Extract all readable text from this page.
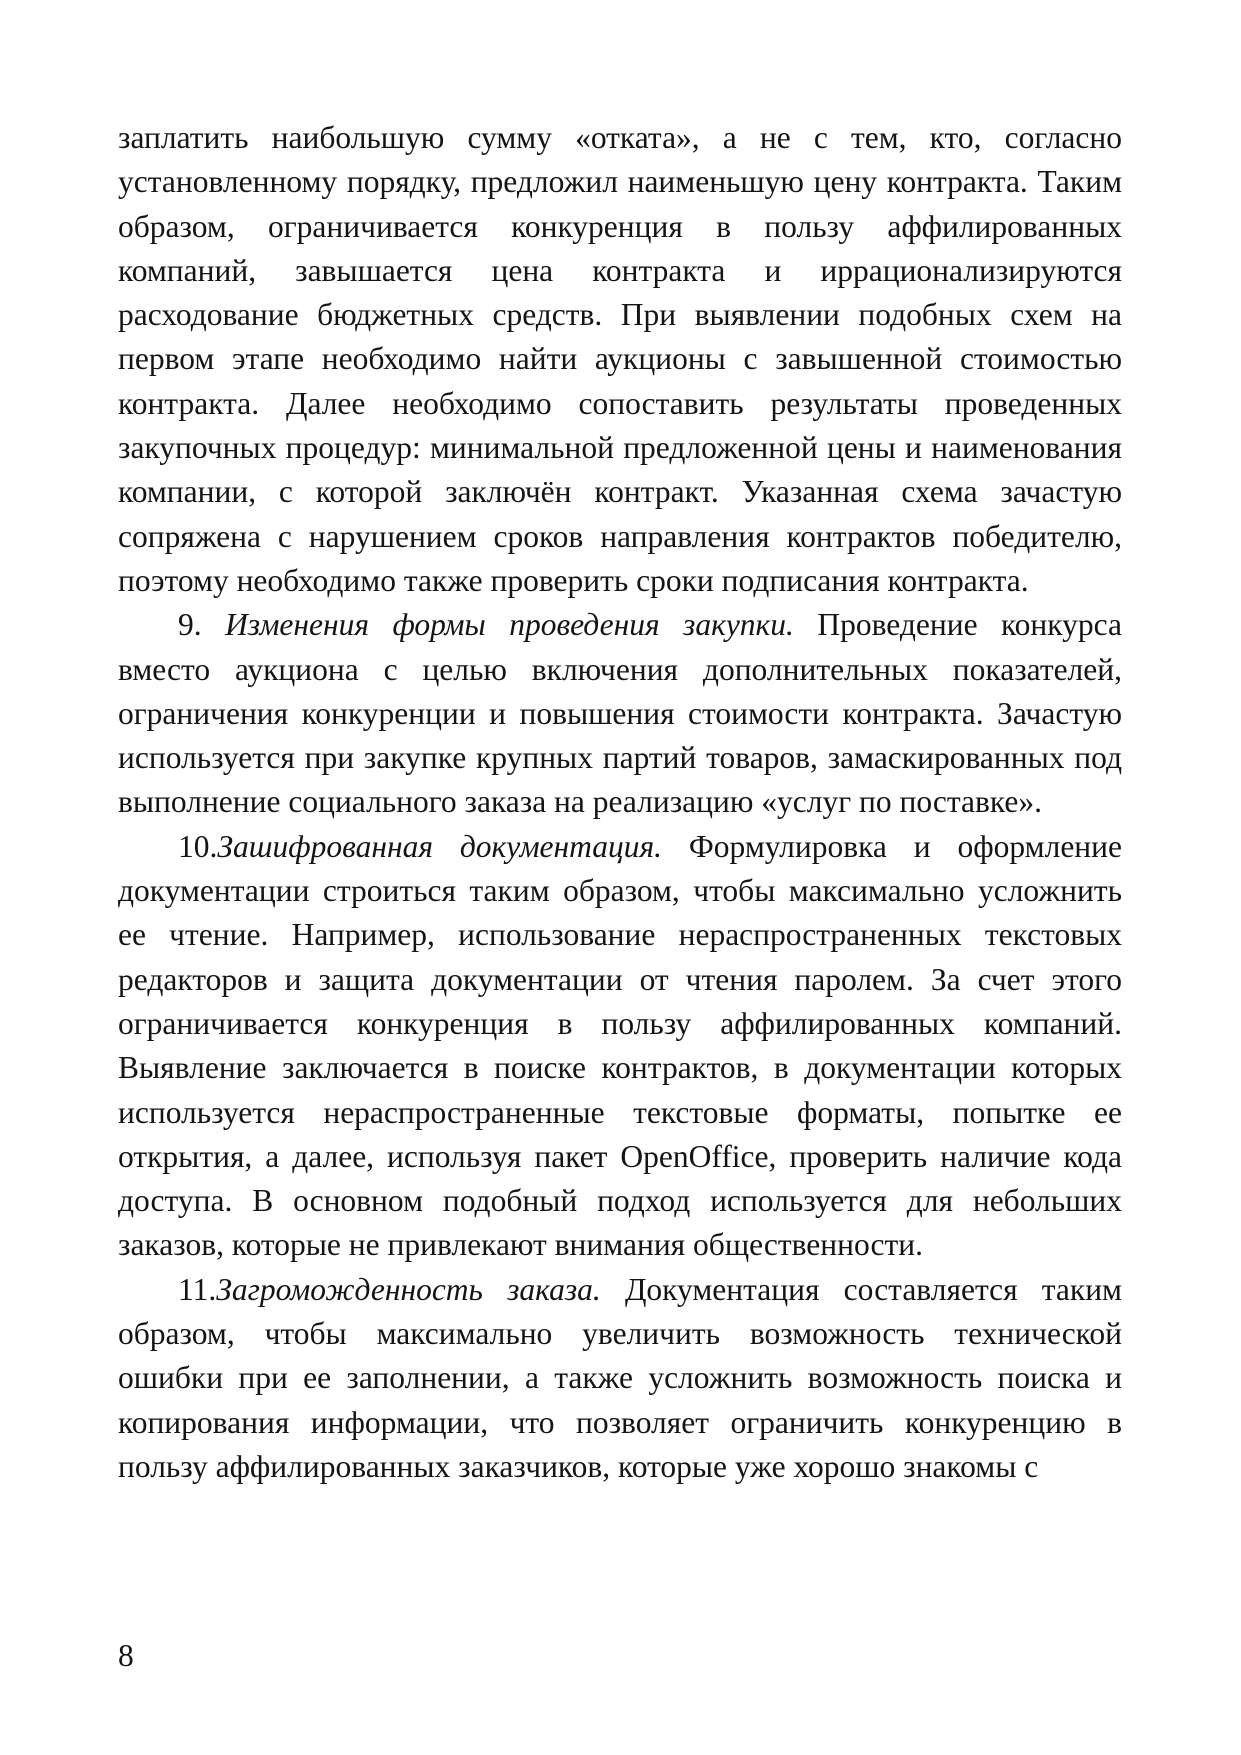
заплатить наибольшую сумму «отката», а не с тем, кто, согласно установленному порядку, предложил наименьшую цену контракта. Таким образом, ограничивается конкуренция в пользу аффилированных компаний, завышается цена контракта и иррационализируются расходование бюджетных средств. При выявлении подобных схем на первом этапе необходимо найти аукционы с завышенной стоимостью контракта. Далее необходимо сопоставить результаты проведенных закупочных процедур: минимальной предложенной цены и наименования компании, с которой заключён контракт. Указанная схема зачастую сопряжена с нарушением сроков направления контрактов победителю, поэтому необходимо также проверить сроки подписания контракта.

9. Изменения формы проведения закупки. Проведение конкурса вместо аукциона с целью включения дополнительных показателей, ограничения конкуренции и повышения стоимости контракта. Зачастую используется при закупке крупных партий товаров, замаскированных под выполнение социального заказа на реализацию «услуг по поставке».

10.Зашифрованная документация. Формулировка и оформление документации строиться таким образом, чтобы максимально усложнить ее чтение. Например, использование нераспространенных текстовых редакторов и защита документации от чтения паролем. За счет этого ограничивается конкуренция в пользу аффилированных компаний. Выявление заключается в поиске контрактов, в документации которых используется нераспространенные текстовые форматы, попытке ее открытия, а далее, используя пакет OpenOffice, проверить наличие кода доступа. В основном подобный подход используется для небольших заказов, которые не привлекают внимания общественности.

11.Загроможденность заказа. Документация составляется таким образом, чтобы максимально увеличить возможность технической ошибки при ее заполнении, а также усложнить возможность поиска и копирования информации, что позволяет ограничить конкуренцию в пользу аффилированных заказчиков, которые уже хорошо знакомы с

8
